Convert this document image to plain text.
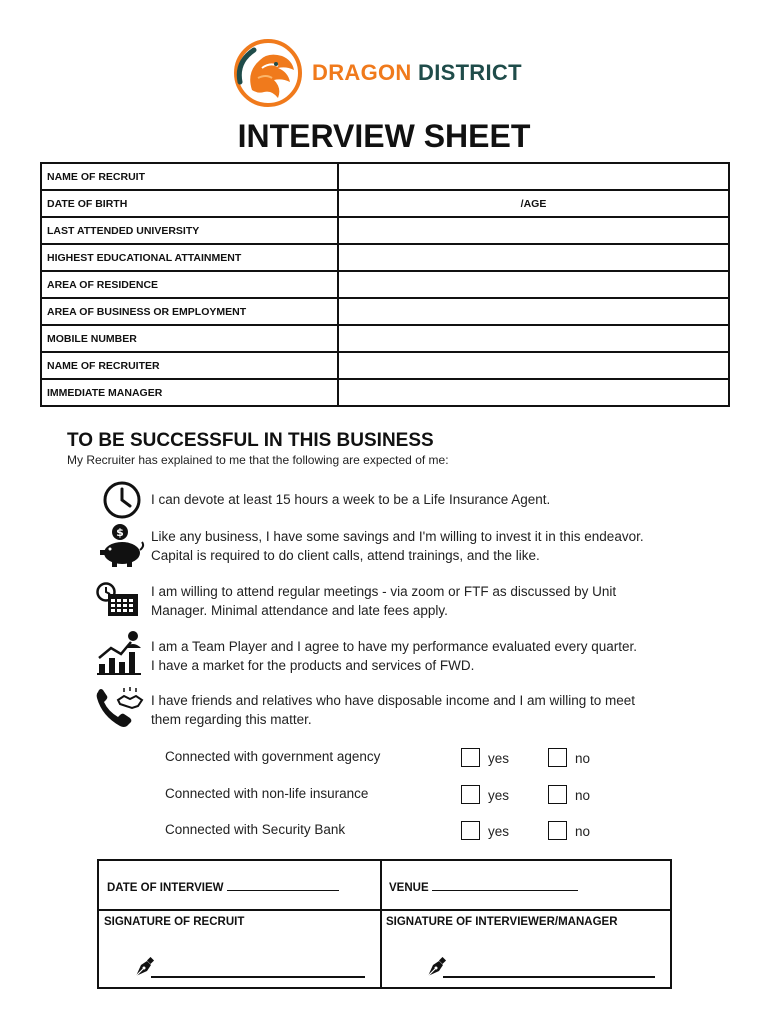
DRAGON DISTRICT
INTERVIEW SHEET
NAME OF RECRUIT	
DATE OF BIRTH	/AGE
LAST ATTENDED UNIVERSITY	
HIGHEST EDUCATIONAL ATTAINMENT	
AREA OF RESIDENCE	
AREA OF BUSINESS OR EMPLOYMENT	
MOBILE NUMBER	
NAME OF RECRUITER	
IMMEDIATE MANAGER	
TO BE SUCCESSFUL IN THIS BUSINESS
My Recruiter has explained to me that the following are expected of me:
I can devote at least 15 hours a week to be a Life Insurance Agent.
$ Like any business, I have some savings and I'm willing to invest it in this endeavor.
Capital is required to do client calls, attend trainings, and the like.
I am willing to attend regular meetings - via zoom or FTF as discussed by Unit
Manager. Minimal attendance and late fees apply.
I am a Team Player and I agree to have my performance evaluated every quarter.
I have a market for the products and services of FWD.
I have friends and relatives who have disposable income and I am willing to meet
them regarding this matter.
Connected with government agency	yes	no
Connected with non-life insurance	yes	no
Connected with Security Bank	yes	no
DATE OF INTERVIEW	VENUE
SIGNATURE OF RECRUIT	SIGNATURE OF INTERVIEWER/MANAGER
